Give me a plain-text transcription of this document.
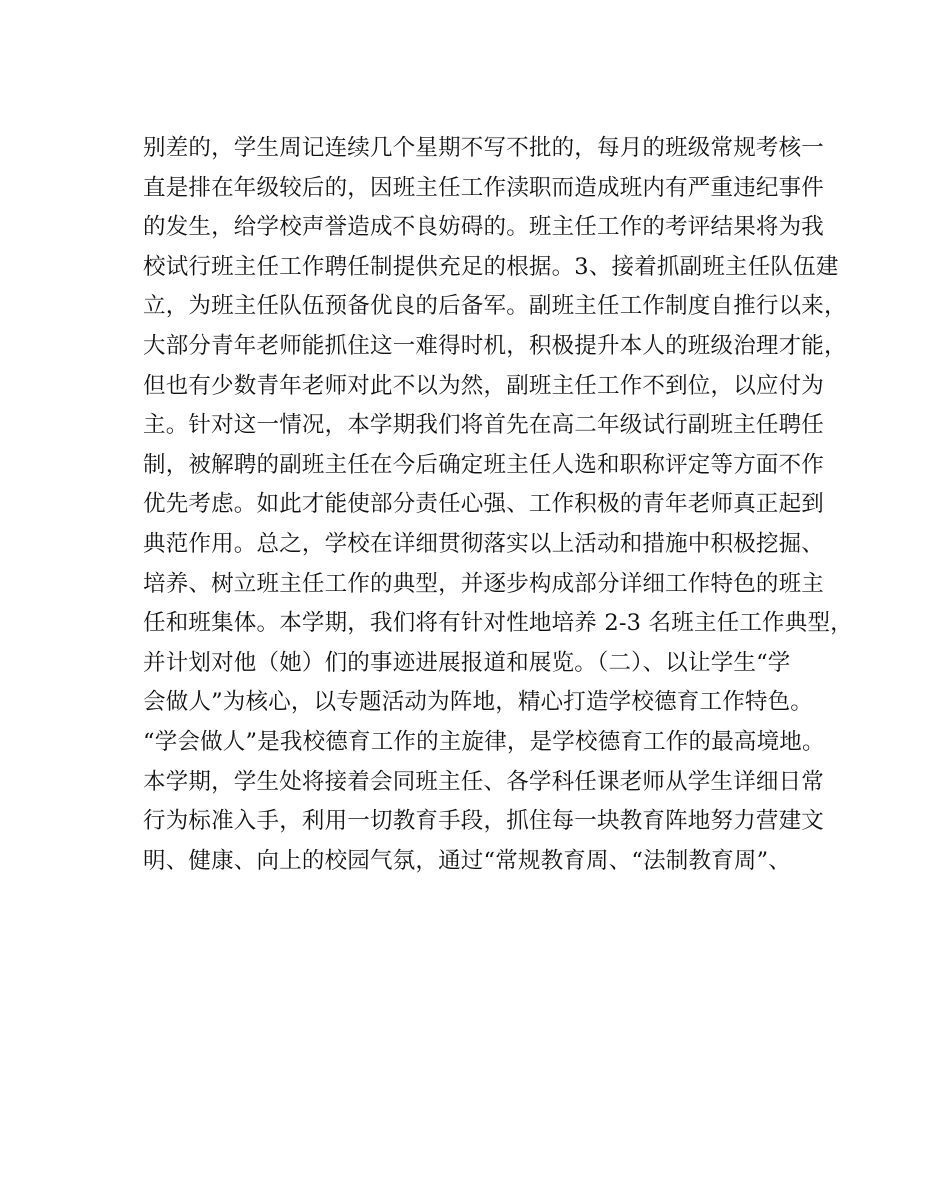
别差的，学生周记连续几个星期不写不批的，每月的班级常规考核一
直是排在年级较后的，因班主任工作渎职而造成班内有严重违纪事件
的发生，给学校声誉造成不良妨碍的。班主任工作的考评结果将为我
校试行班主任工作聘任制提供充足的根据。3、接着抓副班主任队伍建
立，为班主任队伍预备优良的后备军。副班主任工作制度自推行以来，
大部分青年老师能抓住这一难得时机，积极提升本人的班级治理才能，
但也有少数青年老师对此不以为然，副班主任工作不到位，以应付为
主。针对这一情况，本学期我们将首先在高二年级试行副班主任聘任
制，被解聘的副班主任在今后确定班主任人选和职称评定等方面不作
优先考虑。如此才能使部分责任心强、工作积极的青年老师真正起到
典范作用。总之，学校在详细贯彻落实以上活动和措施中积极挖掘、
培养、树立班主任工作的典型，并逐步构成部分详细工作特色的班主
任和班集体。本学期，我们将有针对性地培养 2-3 名班主任工作典型，
并计划对他（她）们的事迹进展报道和展览。（二）、以让学生“学
会做人”为核心，以专题活动为阵地，精心打造学校德育工作特色。
“学会做人”是我校德育工作的主旋律，是学校德育工作的最高境地。
本学期，学生处将接着会同班主任、各学科任课老师从学生详细日常
行为标准入手，利用一切教育手段，抓住每一块教育阵地努力营建文
明、健康、向上的校园气氛，通过“常规教育周、“法制教育周”、
